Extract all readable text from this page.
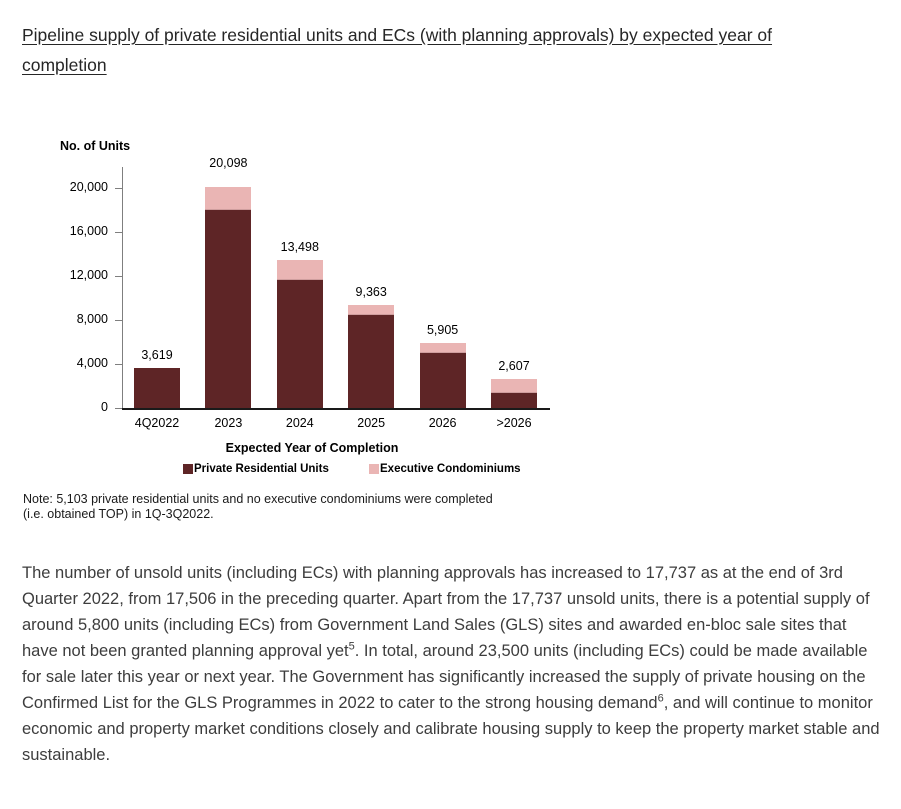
Pipeline supply of private residential units and ECs (with planning approvals) by expected year of
completion
No. of Units
0
4,000
8,000
12,000
16,000
20,000
3,619
4Q2022
20,098
2023
13,498
2024
9,363
2025
5,905
2026
2,607
>2026
Expected Year of Completion
Private Residential Units	Executive Condominiums
Note: 5,103 private residential units and no executive condominiums were completed
(i.e. obtained TOP) in 1Q-3Q2022.

The number of unsold units (including ECs) with planning approvals has increased to 17,737 as at the end of 3rd Quarter 2022, from 17,506 in the preceding quarter. Apart from the 17,737 unsold units, there is a potential supply of around 5,800 units (including ECs) from Government Land Sales (GLS) sites and awarded en-bloc sale sites that have not been granted planning approval yet$^5$. In total, around 23,500 units (including ECs) could be made available for sale later this year or next year. The Government has significantly increased the supply of private housing on the Confirmed List for the GLS Programmes in 2022 to cater to the strong housing demand$^6$, and will continue to monitor economic and property market conditions closely and calibrate housing supply to keep the property market stable and sustainable.
